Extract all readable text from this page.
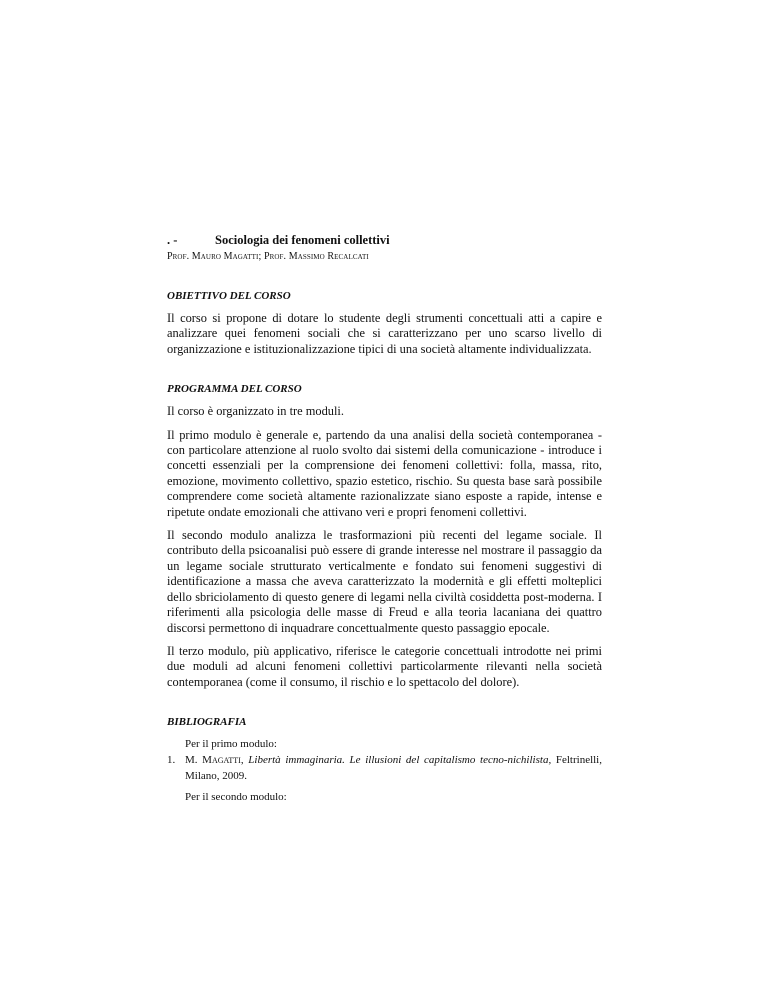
. -	Sociologia dei fenomeni collettivi
Prof. Mauro Magatti; Prof. Massimo Recalcati
OBIETTIVO DEL CORSO

Il corso si propone di dotare lo studente degli strumenti concettuali atti a capire e analizzare quei fenomeni sociali che si caratterizzano per uno scarso livello di organizzazione e istituzionalizzazione tipici di una società altamente individualizzata.

PROGRAMMA DEL CORSO

Il corso è organizzato in tre moduli.

Il primo modulo è generale e, partendo da una analisi della società contemporanea - con particolare attenzione al ruolo svolto dai sistemi della comunicazione - introduce i concetti essenziali per la comprensione dei fenomeni collettivi: folla, massa, rito, emozione, movimento collettivo, spazio estetico, rischio. Su questa base sarà possibile comprendere come società altamente razionalizzate siano esposte a rapide, intense e ripetute ondate emozionali che attivano veri e propri fenomeni collettivi.

Il secondo modulo analizza le trasformazioni più recenti del legame sociale. Il contributo della psicoanalisi può essere di grande interesse nel mostrare il passaggio da un legame sociale strutturato verticalmente e fondato sui fenomeni suggestivi di identificazione a massa che aveva caratterizzato la modernità e gli effetti molteplici dello sbriciolamento di questo genere di legami nella civiltà cosiddetta post-moderna. I riferimenti alla psicologia delle masse di Freud e alla teoria lacaniana dei quattro discorsi permettono di inquadrare concettualmente questo passaggio epocale.

Il terzo modulo, più applicativo, riferisce le categorie concettuali introdotte nei primi due moduli ad alcuni fenomeni collettivi particolarmente rilevanti nella società contemporanea (come il consumo, il rischio e lo spettacolo del dolore).

BIBLIOGRAFIA
Per il primo modulo:
1. M. Magatti, Libertà immaginaria. Le illusioni del capitalismo tecno-nichilista, Feltrinelli, Milano, 2009.
Per il secondo modulo:
